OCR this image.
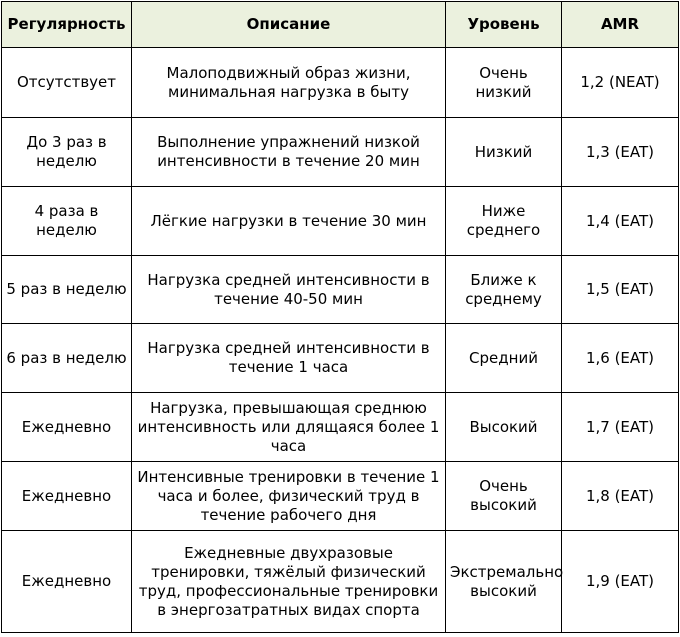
Регулярность	Описание	Уровень	AMR
Отсутствует	Малоподвижный образ жизни, минимальная нагрузка в быту	Очень низкий	1,2 (NEAT)
До 3 раз в неделю	Выполнение упражнений низкой интенсивности в течение 20 мин	Низкий	1,3 (EAT)
4 раза в неделю	Лёгкие нагрузки в течение 30 мин	Ниже среднего	1,4 (EAT)
5 раз в неделю	Нагрузка средней интенсивности в течение 40-50 мин	Ближе к среднему	1,5 (EAT)
6 раз в неделю	Нагрузка средней интенсивности в течение 1 часа	Средний	1,6 (EAT)
Ежедневно	Нагрузка, превышающая среднюю интенсивность или длящаяся более 1 часа	Высокий	1,7 (EAT)
Ежедневно	Интенсивные тренировки в течение 1 часа и более, физический труд в течение рабочего дня	Очень высокий	1,8 (EAT)
Ежедневно	Ежедневные двухразовые тренировки, тяжёлый физический труд, профессиональные тренировки в энергозатратных видах спорта	Экстремально высокий	1,9 (EAT)
